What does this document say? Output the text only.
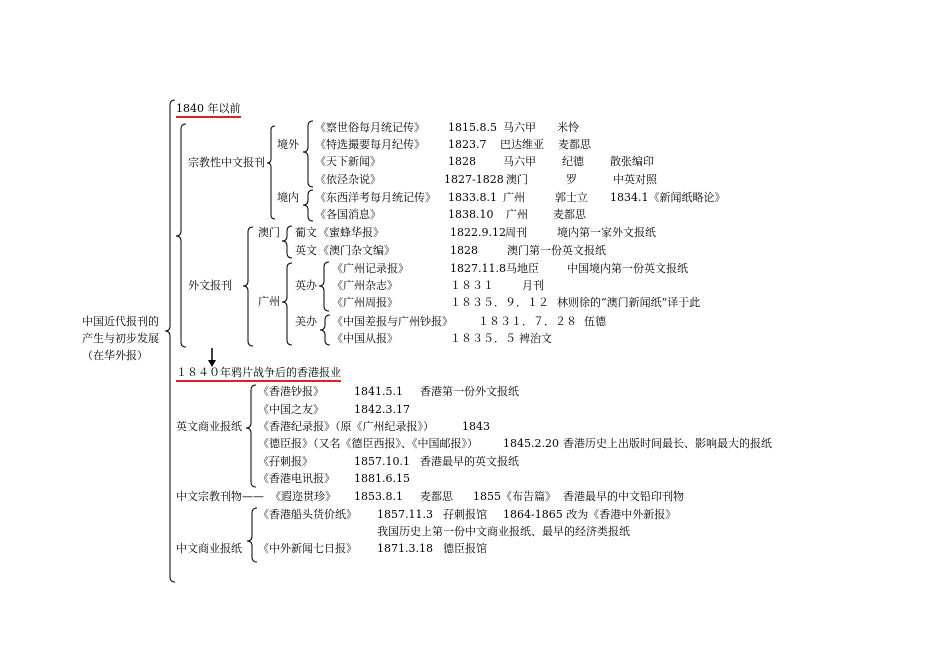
中国近代报刊的
产生与初步发展
（在华外报）
1840 年以前
宗教性中文报刊
境外
境内
《察世俗每月统记传》 1815.8.5 马六甲 米怜
《特选撮要每月纪传》 1823.7 巴达维亚 麦都思
《天下新闻》	1828 马六甲 纪德 散张编印
《依泾杂说》	1827-1828 澳门	罗	中英对照
《东西洋考每月统记传》 1833.8.1 广州	郭士立 1834.1《新闻纸略论》
《各国消息》	1838.10 广州 麦都思
外文报刊
澳门
广州
葡文 《蜜蜂华报》	1822.9.12 周刊	境内第一家外文报纸
英文 《澳门杂文编》	1828	澳门第一份英文报纸
英办
美办
《广州记录报》	1827.11.8 马地臣	中国境内第一份英文报纸
《广州杂志》	１８３１	月刊
《广州周报》	１８３５．９．１２ 林则徐的“澳门新闻纸”译于此
《中国差报与广州钞报》 １８３１．７．２８ 伍德
《中国从报》	１８３５．５ 裨治文
１８４０年鸦片战争后的香港报业
英文商业报纸
《香港钞报》	1841.5.1 香港第一份外文报纸
《中国之友》	1842.3.17
《香港纪录报》（原《广州纪录报》）	1843
《德臣报》（又名《德臣西报》、《中国邮报》） 1845.2.20 香港历史上出版时间最长、影响最大的报纸
《孖刺报》	1857.10.1 香港最早的英文报纸
《香港电讯报》 1881.6.15
中文宗教刊物—— 《遐迩贯珍》 1853.8.1 麦都思 1855《布告篇》 香港最早的中文铅印刊物
中文商业报纸
《香港船头货价纸》 1857.11.3 孖刺报馆 1864-1865 改为《香港中外新报》
我国历史上第一份中文商业报纸、最早的经济类报纸
《中外新闻七日报》 1871.3.18 德臣报馆
